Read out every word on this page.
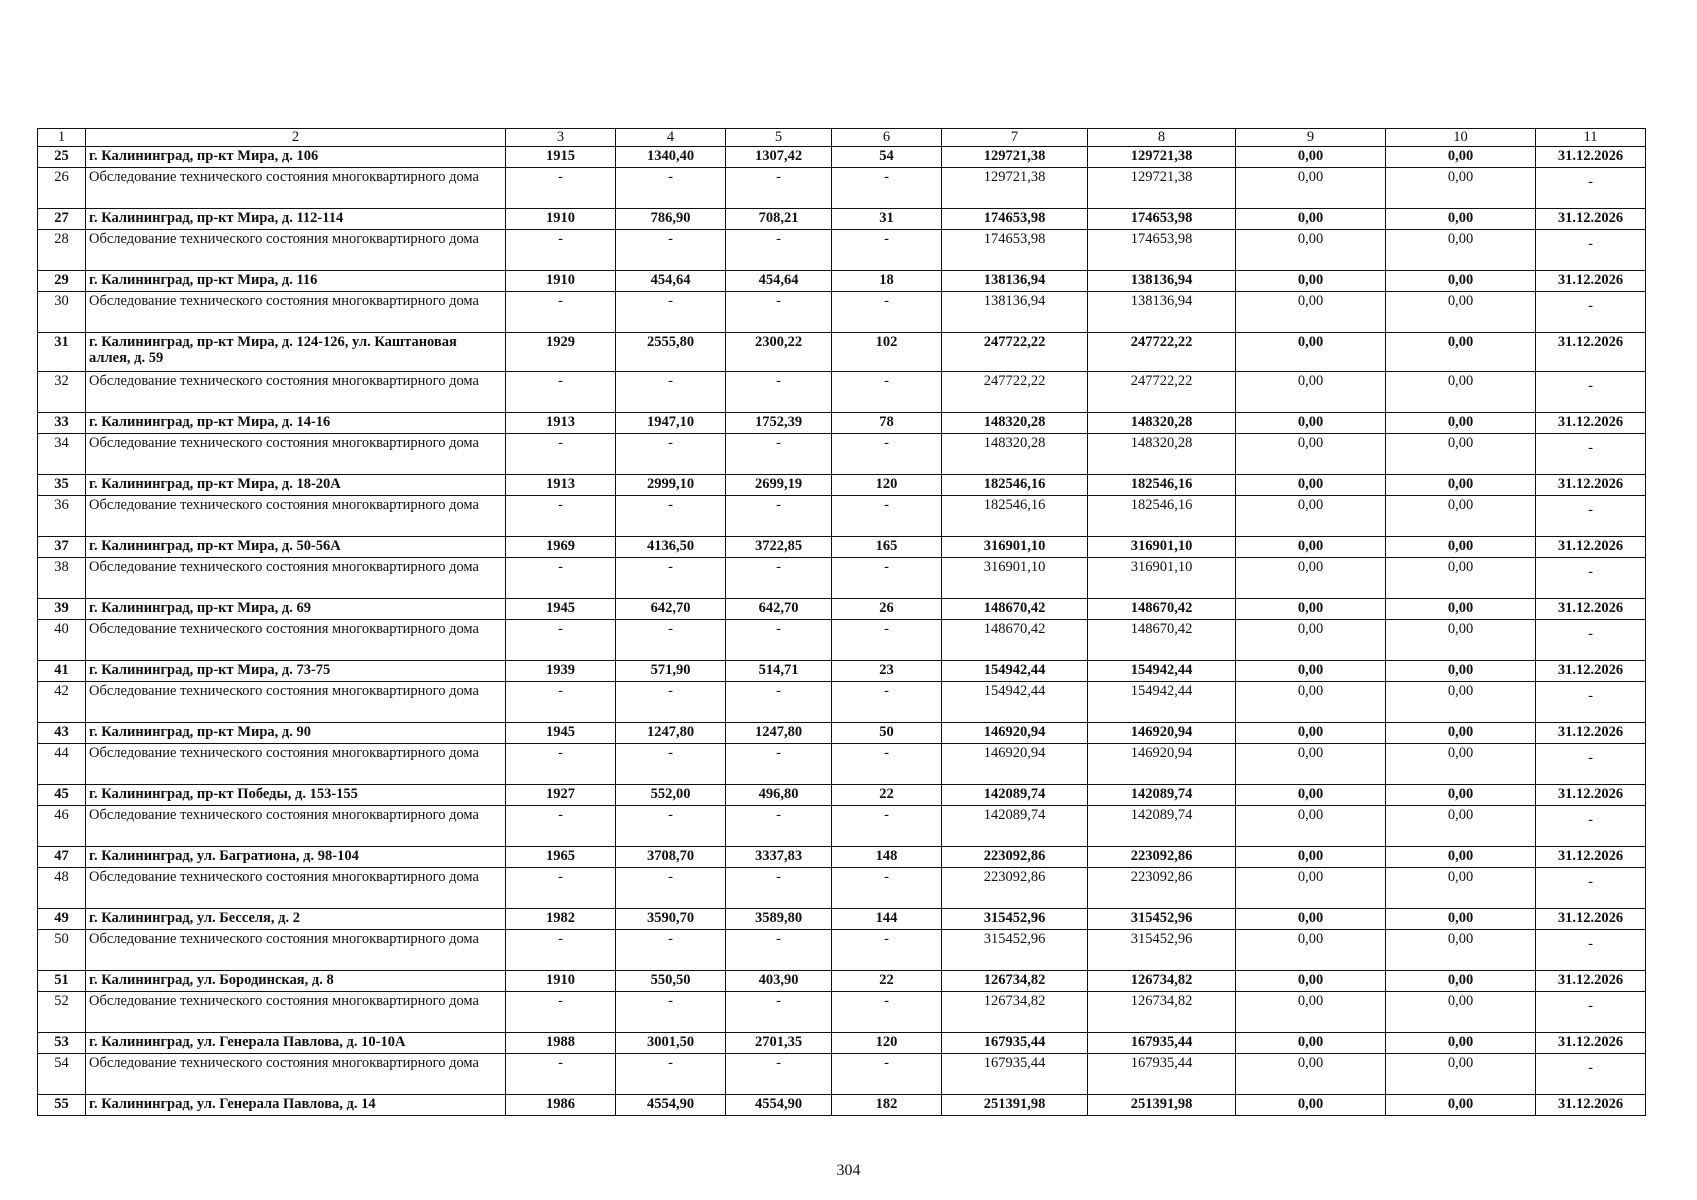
1	2	3	4	5	6	7	8	9	10	11
25	г. Калининград, пр-кт Мира, д. 106	1915	1340,40	1307,42	54	129721,38	129721,38	0,00	0,00	31.12.2026
26	Обследование технического состояния многоквартирного дома	-	-	-	-	129721,38	129721,38	0,00	0,00	-
27	г. Калининград, пр-кт Мира, д. 112-114	1910	786,90	708,21	31	174653,98	174653,98	0,00	0,00	31.12.2026
28	Обследование технического состояния многоквартирного дома	-	-	-	-	174653,98	174653,98	0,00	0,00	-
29	г. Калининград, пр-кт Мира, д. 116	1910	454,64	454,64	18	138136,94	138136,94	0,00	0,00	31.12.2026
30	Обследование технического состояния многоквартирного дома	-	-	-	-	138136,94	138136,94	0,00	0,00	-
31	г. Калининград, пр-кт Мира, д. 124-126, ул. Каштановая аллея, д. 59	1929	2555,80	2300,22	102	247722,22	247722,22	0,00	0,00	31.12.2026
32	Обследование технического состояния многоквартирного дома	-	-	-	-	247722,22	247722,22	0,00	0,00	-
33	г. Калининград, пр-кт Мира, д. 14-16	1913	1947,10	1752,39	78	148320,28	148320,28	0,00	0,00	31.12.2026
34	Обследование технического состояния многоквартирного дома	-	-	-	-	148320,28	148320,28	0,00	0,00	-
35	г. Калининград, пр-кт Мира, д. 18-20А	1913	2999,10	2699,19	120	182546,16	182546,16	0,00	0,00	31.12.2026
36	Обследование технического состояния многоквартирного дома	-	-	-	-	182546,16	182546,16	0,00	0,00	-
37	г. Калининград, пр-кт Мира, д. 50-56А	1969	4136,50	3722,85	165	316901,10	316901,10	0,00	0,00	31.12.2026
38	Обследование технического состояния многоквартирного дома	-	-	-	-	316901,10	316901,10	0,00	0,00	-
39	г. Калининград, пр-кт Мира, д. 69	1945	642,70	642,70	26	148670,42	148670,42	0,00	0,00	31.12.2026
40	Обследование технического состояния многоквартирного дома	-	-	-	-	148670,42	148670,42	0,00	0,00	-
41	г. Калининград, пр-кт Мира, д. 73-75	1939	571,90	514,71	23	154942,44	154942,44	0,00	0,00	31.12.2026
42	Обследование технического состояния многоквартирного дома	-	-	-	-	154942,44	154942,44	0,00	0,00	-
43	г. Калининград, пр-кт Мира, д. 90	1945	1247,80	1247,80	50	146920,94	146920,94	0,00	0,00	31.12.2026
44	Обследование технического состояния многоквартирного дома	-	-	-	-	146920,94	146920,94	0,00	0,00	-
45	г. Калининград, пр-кт Победы, д. 153-155	1927	552,00	496,80	22	142089,74	142089,74	0,00	0,00	31.12.2026
46	Обследование технического состояния многоквартирного дома	-	-	-	-	142089,74	142089,74	0,00	0,00	-
47	г. Калининград, ул. Багратиона, д. 98-104	1965	3708,70	3337,83	148	223092,86	223092,86	0,00	0,00	31.12.2026
48	Обследование технического состояния многоквартирного дома	-	-	-	-	223092,86	223092,86	0,00	0,00	-
49	г. Калининград, ул. Бесселя, д. 2	1982	3590,70	3589,80	144	315452,96	315452,96	0,00	0,00	31.12.2026
50	Обследование технического состояния многоквартирного дома	-	-	-	-	315452,96	315452,96	0,00	0,00	-
51	г. Калининград, ул. Бородинская, д. 8	1910	550,50	403,90	22	126734,82	126734,82	0,00	0,00	31.12.2026
52	Обследование технического состояния многоквартирного дома	-	-	-	-	126734,82	126734,82	0,00	0,00	-
53	г. Калининград, ул. Генерала Павлова, д. 10-10А	1988	3001,50	2701,35	120	167935,44	167935,44	0,00	0,00	31.12.2026
54	Обследование технического состояния многоквартирного дома	-	-	-	-	167935,44	167935,44	0,00	0,00	-
55	г. Калининград, ул. Генерала Павлова, д. 14	1986	4554,90	4554,90	182	251391,98	251391,98	0,00	0,00	31.12.2026
304
